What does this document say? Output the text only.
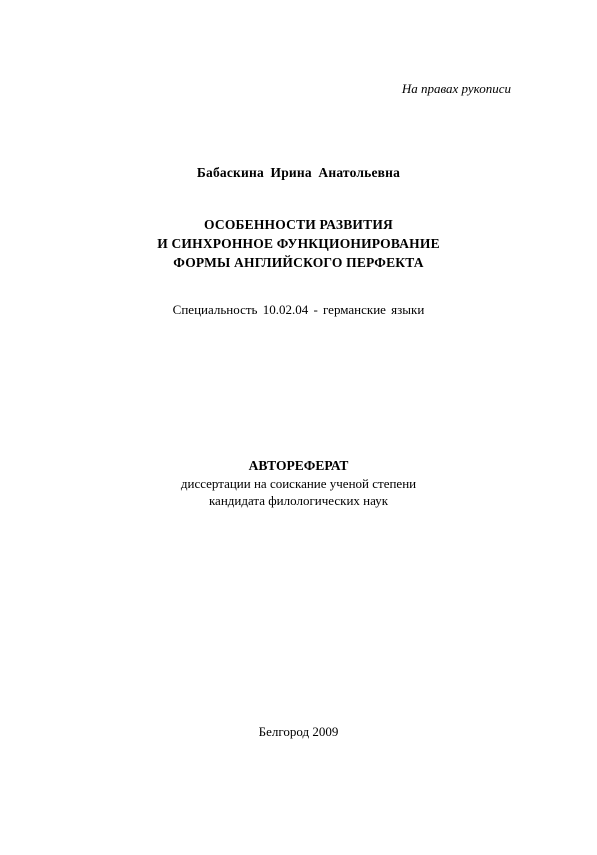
На правах рукописи
Бабаскина Ирина Анатольевна
ОСОБЕННОСТИ РАЗВИТИЯ
И СИНХРОННОЕ ФУНКЦИОНИРОВАНИЕ
ФОРМЫ АНГЛИЙСКОГО ПЕРФЕКТА
Специальность 10.02.04 - германские языки
АВТОРЕФЕРАТ
диссертации на соискание ученой степени
кандидата филологических наук
Белгород 2009
